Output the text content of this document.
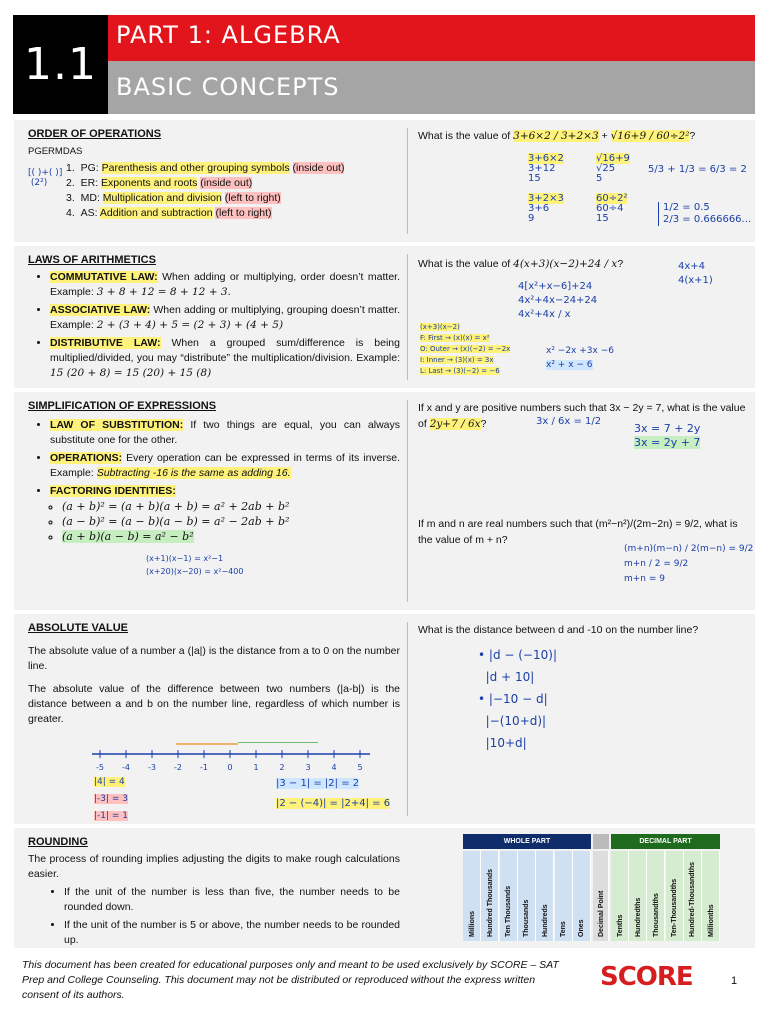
1.1
PART 1: ALGEBRA
BASIC CONCEPTS
ORDER OF OPERATIONS
PGERMDAS
[( )+( )]
(2²)
1. PG: Parenthesis and other grouping symbols (inside out)
2. ER: Exponents and roots (inside out)
3. MD: Multiplication and division (left to right)
4. AS: Addition and subtraction (left to right)
What is the value of 3+6×2 / 3+2×3 + √16+9 / 60÷2²?
3+6×2
3+12
15

3+2×3
3+6
9
√16+9
√25
5

60÷2²
60÷4
15
5/3 + 1/3 = 6/3 = 2
1/2 = 0.5
2/3 = 0.666666...
LAWS OF ARITHMETICS
• COMMUTATIVE LAW: When adding or multiplying, order doesn’t matter. Example: 3 + 8 + 12 = 8 + 12 + 3.
• ASSOCIATIVE LAW: When adding or multiplying, grouping doesn’t matter. Example: 2 + (3 + 4) + 5 = (2 + 3) + (4 + 5)
• DISTRIBUTIVE LAW: When a grouped sum/difference is being multiplied/divided, you may “distribute” the multiplication/division. Example: 15 (20 + 8) = 15 (20) + 15 (8)
What is the value of 4(x+3)(x−2)+24 / x?
4[x²+x−6]+24
4x²+4x−24+24
4x²+4x / x
4x+4
4(x+1)
(x+3)(x−2)
F: First → (x)(x) = x²
O: Outer → (x)(−2) = −2x
I: Inner → (3)(x) = 3x
L: Last → (3)(−2) = −6
x² −2x +3x −6
x² + x − 6
SIMPLIFICATION OF EXPRESSIONS
• LAW OF SUBSTITUTION: If two things are equal, you can always substitute one for the other.
• OPERATIONS: Every operation can be expressed in terms of its inverse. Example: Subtracting -16 is the same as adding 16.
• FACTORING IDENTITIES:
◦ (a + b)² = (a + b)(a + b) = a² + 2ab + b²
◦ (a − b)² = (a − b)(a − b) = a² − 2ab + b²
◦ (a + b)(a − b) = a² − b²
(x+1)(x−1) = x²−1
(x+20)(x−20) = x²−400
If x and y are positive numbers such that 3x − 2y = 7, what is the value of 2y+7 / 6x?	3x / 6x = 1/2
3x = 7 + 2y
3x = 2y + 7
If m and n are real numbers such that (m²−n²)/(2m−2n) = 9/2, what is the value of m + n?
(m+n)(m−n) / 2(m−n) = 9/2
m+n / 2 = 9/2
m+n = 9
ABSOLUTE VALUE

The absolute value of a number a (|a|) is the distance from a to 0 on the number line.

The absolute value of the difference between two numbers (|a-b|) is the distance between a and b on the number line, regardless of which number is greater.

-5 -4 -3 -2 -1 0	1	2	3	4	5
|4| = 4
|-3| = 3
|-1| = 1
|3 − 1| = |2| = 2
|2 − (−4)| = |2+4| = 6
What is the distance between d and -10 on the number line?
• |d − (−10)|
|d + 10|
• |−10 − d|
|−(10+d)|
|10+d|
ROUNDING

The process of rounding implies adjusting the digits to make rough calculations easier.

• If the unit of the number is less than five, the number needs to be rounded down.
• If the unit of the number is 5 or above, the number needs to be rounded up.
WHOLE PART	DECIMAL PART
Millions Hundred Thousands Ten Thousands Thousands Hundreds Tens Ones Decimal Point Tenths Hundredths Thousandths Ten-Thousandths Hundred-Thousandths Millionths
This document has been created for educational purposes only and meant to be used exclusively by SCORE – SAT Prep and College Counseling. This document may not be distributed or reproduced without the express written consent of its authors.
SCORE	1
